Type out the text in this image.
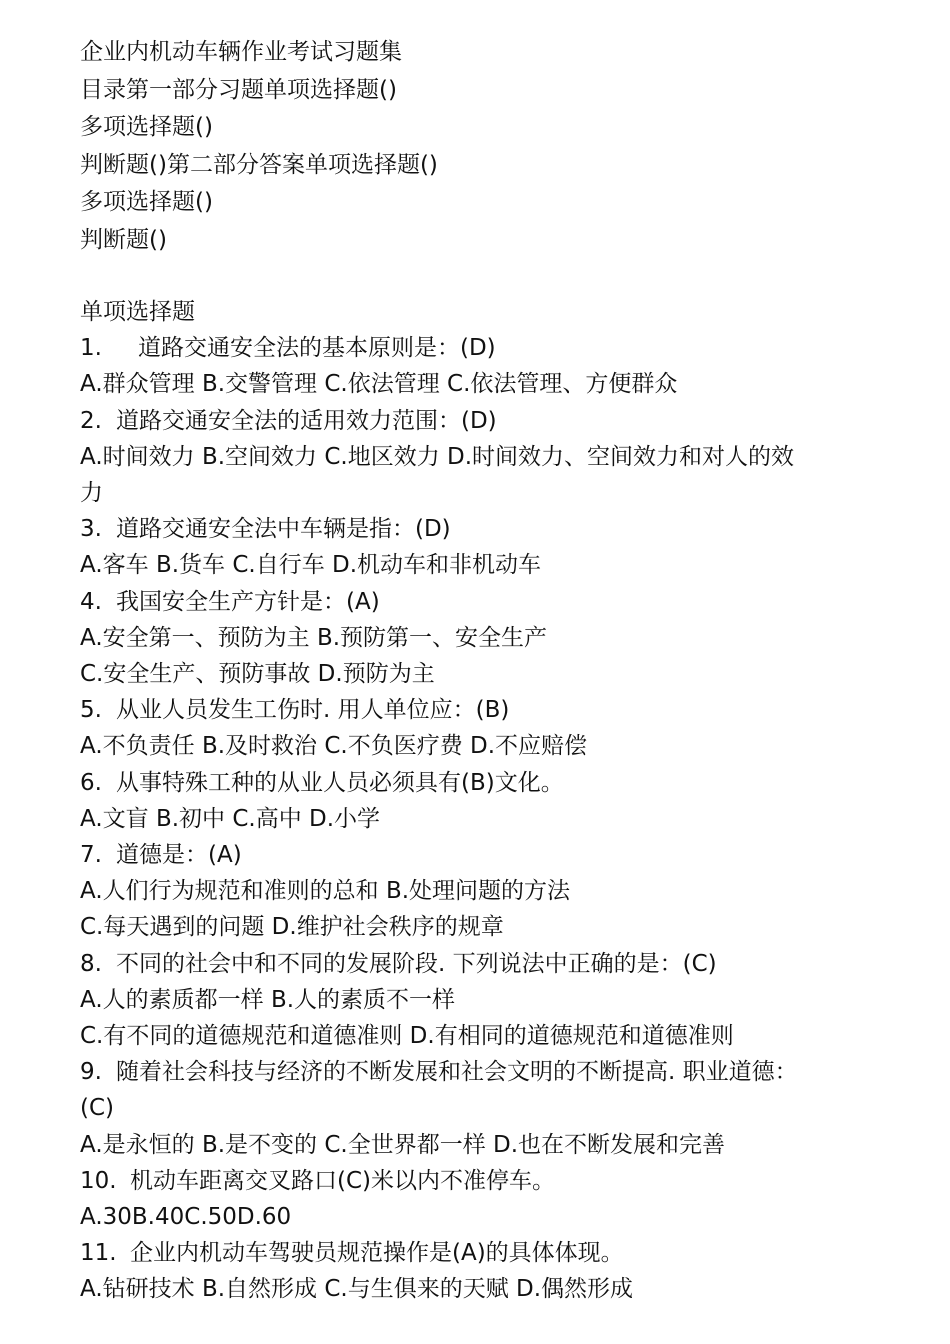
企业内机动车辆作业考试习题集
目录第一部分习题单项选择题()
多项选择题()
判断题()第二部分答案单项选择题()
多项选择题()
判断题()
单项选择题
1.	道路交通安全法的基本原则是：(D)
A.群众管理 B.交警管理 C.依法管理 C.依法管理、方便群众
2. 道路交通安全法的适用效力范围：(D)
A.时间效力 B.空间效力 C.地区效力 D.时间效力、空间效力和对人的效
力
3. 道路交通安全法中车辆是指：(D)
A.客车 B.货车 C.自行车 D.机动车和非机动车
4. 我国安全生产方针是：(A)
A.安全第一、预防为主 B.预防第一、安全生产
C.安全生产、预防事故 D.预防为主
5. 从业人员发生工伤时. 用人单位应：(B)
A.不负责任 B.及时救治 C.不负医疗费 D.不应赔偿
6. 从事特殊工种的从业人员必须具有(B)文化。
A.文盲 B.初中 C.高中 D.小学
7. 道德是：(A)
A.人们行为规范和准则的总和 B.处理问题的方法
C.每天遇到的问题 D.维护社会秩序的规章
8. 不同的社会中和不同的发展阶段. 下列说法中正确的是：(C)
A.人的素质都一样 B.人的素质不一样
C.有不同的道德规范和道德准则 D.有相同的道德规范和道德准则
9. 随着社会科技与经济的不断发展和社会文明的不断提高. 职业道德：
(C)
A.是永恒的 B.是不变的 C.全世界都一样 D.也在不断发展和完善
10. 机动车距离交叉路口(C)米以内不准停车。
A.30B.40C.50D.60
11. 企业内机动车驾驶员规范操作是(A)的具体体现。
A.钻研技术 B.自然形成 C.与生俱来的天赋 D.偶然形成
